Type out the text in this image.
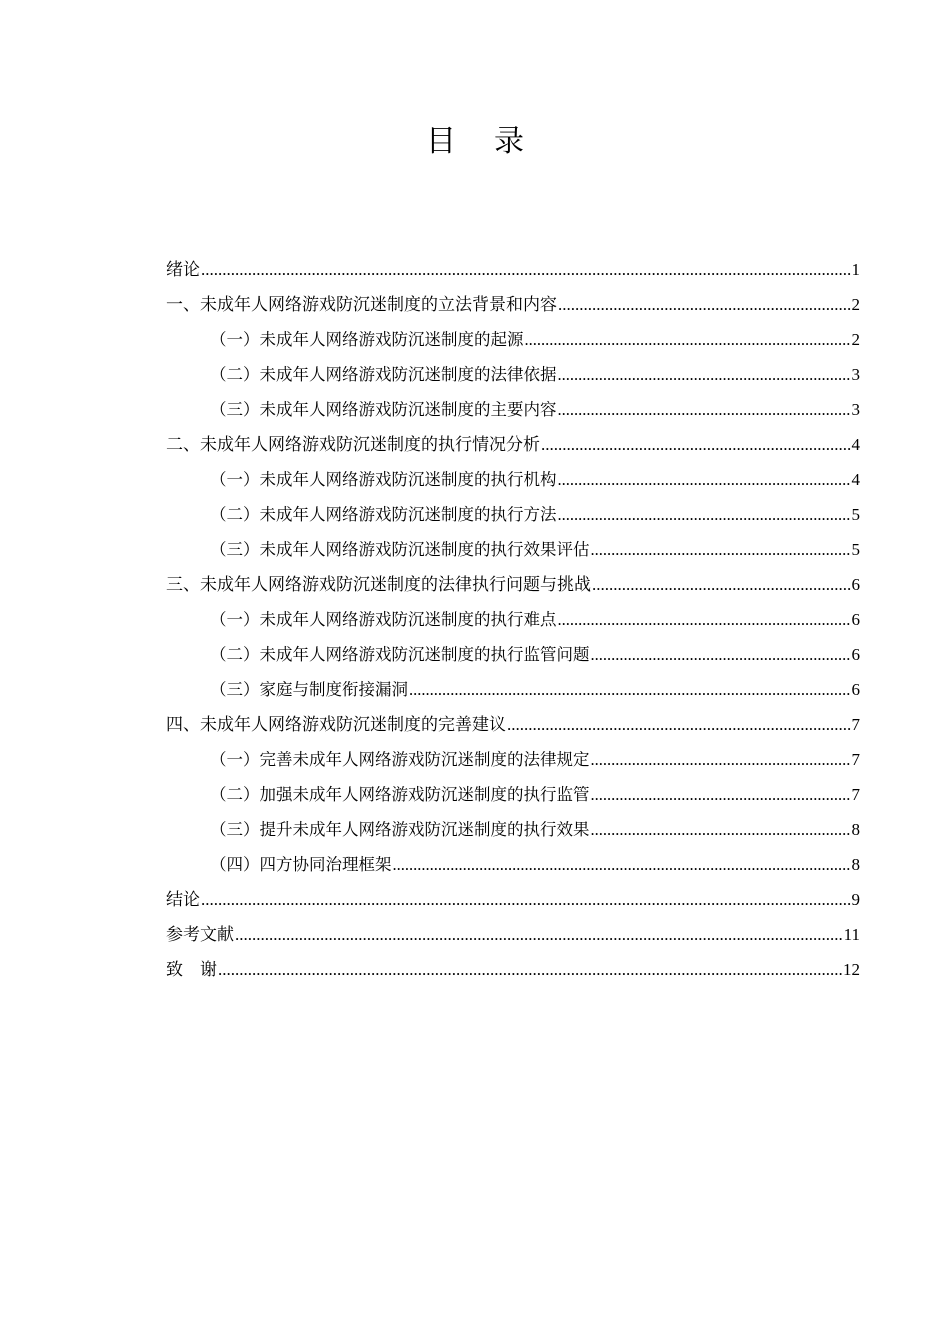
目录
绪论 .....	1
一、未成年人网络游戏防沉迷制度的立法背景和内容 .....	2
（一）未成年人网络游戏防沉迷制度的起源 .....	2
（二）未成年人网络游戏防沉迷制度的法律依据 .....	3
（三）未成年人网络游戏防沉迷制度的主要内容 .....	3
二、未成年人网络游戏防沉迷制度的执行情况分析 .....	4
（一）未成年人网络游戏防沉迷制度的执行机构 .....	4
（二）未成年人网络游戏防沉迷制度的执行方法 .....	5
（三）未成年人网络游戏防沉迷制度的执行效果评估 .....	5
三、未成年人网络游戏防沉迷制度的法律执行问题与挑战 .....	6
（一）未成年人网络游戏防沉迷制度的执行难点 .....	6
（二）未成年人网络游戏防沉迷制度的执行监管问题 .....	6
（三）家庭与制度衔接漏洞 .....	6
四、未成年人网络游戏防沉迷制度的完善建议 .....	7
（一）完善未成年人网络游戏防沉迷制度的法律规定 .....	7
（二）加强未成年人网络游戏防沉迷制度的执行监管 .....	7
（三）提升未成年人网络游戏防沉迷制度的执行效果 .....	8
（四）四方协同治理框架 .....	8
结论 .....	9
参考文献 .....	11
致　谢 .....	12
